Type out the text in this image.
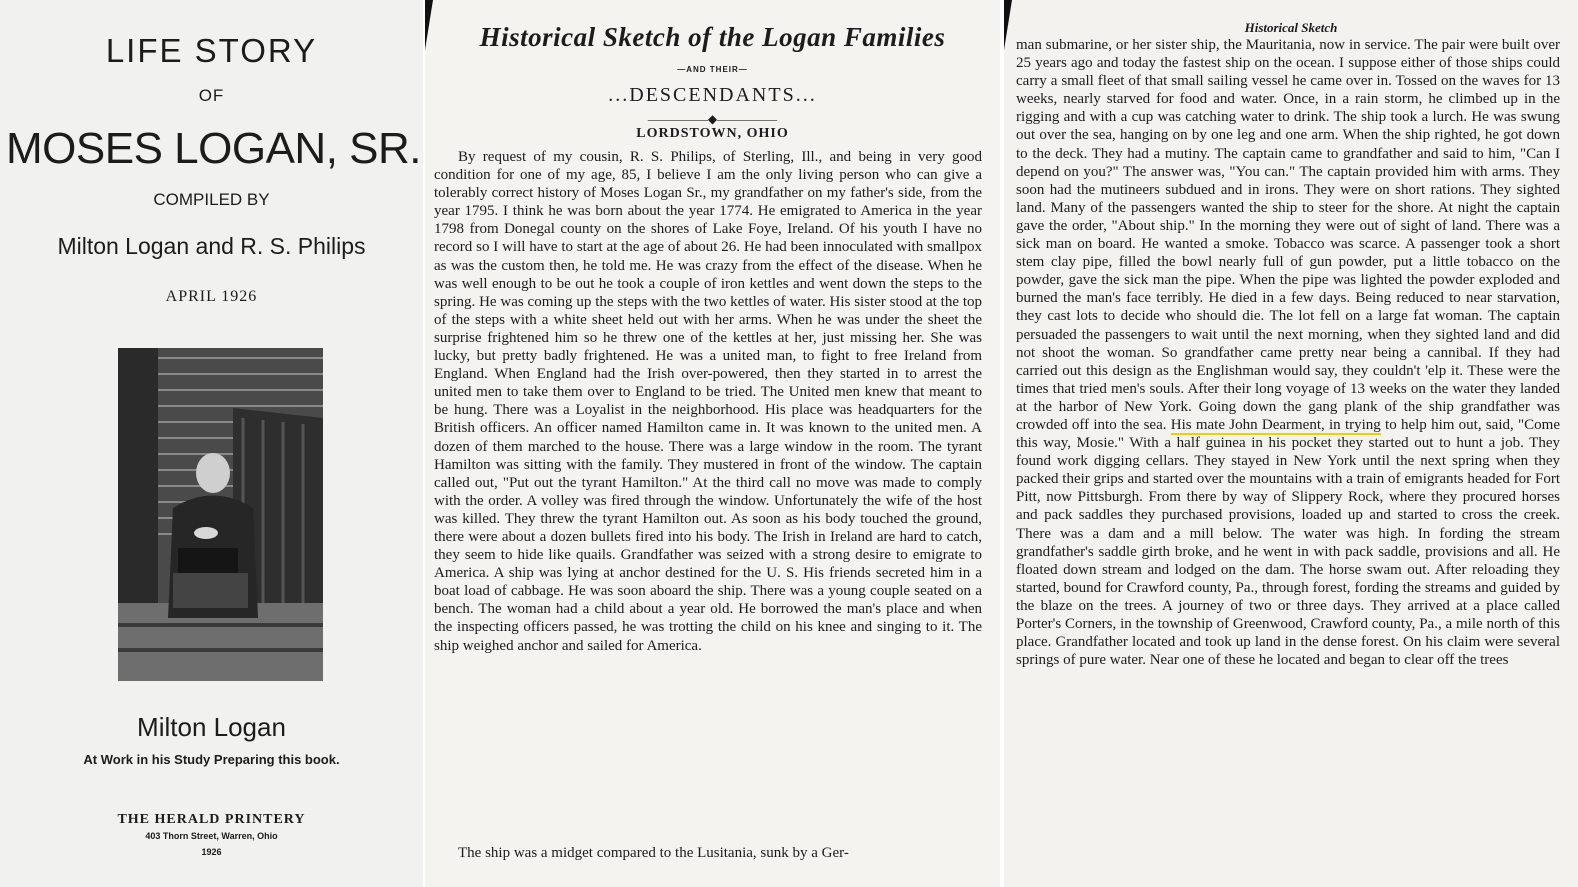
LIFE STORY
OF
MOSES LOGAN, SR.
COMPILED BY
Milton Logan and R. S. Philips
APRIL 1926
Milton Logan
At Work in his Study Preparing this book.
THE HERALD PRINTERY
403 Thorn Street, Warren, Ohio
1926
Historical Sketch of the Logan Families
—AND THEIR—
...DESCENDANTS...
—————◆—————
LORDSTOWN, OHIO

By request of my cousin, R. S. Philips, of Sterling, Ill., and being in very good condition for one of my age, 85, I believe I am the only living person who can give a tolerably correct history of Moses Logan Sr., my grandfather on my father's side, from the year 1795. I think he was born about the year 1774. He emigrated to America in the year 1798 from Donegal county on the shores of Lake Foye, Ireland. Of his youth I have no record so I will have to start at the age of about 26. He had been innoculated with smallpox as was the custom then, he told me. He was crazy from the effect of the disease. When he was well enough to be out he took a couple of iron kettles and went down the steps to the spring. He was coming up the steps with the two kettles of water. His sister stood at the top of the steps with a white sheet held out with her arms. When he was under the sheet the surprise frightened him so he threw one of the kettles at her, just missing her. She was lucky, but pretty badly frightened. He was a united man, to fight to free Ireland from England. When England had the Irish over-powered, then they started in to arrest the united men to take them over to England to be tried. The United men knew that meant to be hung. There was a Loyalist in the neighborhood. His place was headquarters for the British officers. An officer named Hamilton came in. It was known to the united men. A dozen of them marched to the house. There was a large window in the room. The tyrant Hamilton was sitting with the family. They mustered in front of the window. The captain called out, "Put out the tyrant Hamilton." At the third call no move was made to comply with the order. A volley was fired through the window. Unfortunately the wife of the host was killed. They threw the tyrant Hamilton out. As soon as his body touched the ground, there were about a dozen bullets fired into his body. The Irish in Ireland are hard to catch, they seem to hide like quails. Grandfather was seized with a strong desire to emigrate to America. A ship was lying at anchor destined for the U. S. His friends secreted him in a boat load of cabbage. He was soon aboard the ship. There was a young couple seated on a bench. The woman had a child about a year old. He borrowed the man's place and when the inspecting officers passed, he was trotting the child on his knee and singing to it. The ship weighed anchor and sailed for America.

The ship was a midget compared to the Lusitania, sunk by a Ger-
Historical Sketch

man submarine, or her sister ship, the Mauritania, now in service. The pair were built over 25 years ago and today the fastest ship on the ocean. I suppose either of those ships could carry a small fleet of that small sailing vessel he came over in. Tossed on the waves for 13 weeks, nearly starved for food and water. Once, in a rain storm, he climbed up in the rigging and with a cup was catching water to drink. The ship took a lurch. He was swung out over the sea, hanging on by one leg and one arm. When the ship righted, he got down to the deck. They had a mutiny. The captain came to grandfather and said to him, "Can I depend on you?" The answer was, "You can." The captain provided him with arms. They soon had the mutineers subdued and in irons. They were on short rations. They sighted land. Many of the passengers wanted the ship to steer for the shore. At night the captain gave the order, "About ship." In the morning they were out of sight of land. There was a sick man on board. He wanted a smoke. Tobacco was scarce. A passenger took a short stem clay pipe, filled the bowl nearly full of gun powder, put a little tobacco on the powder, gave the sick man the pipe. When the pipe was lighted the powder exploded and burned the man's face terribly. He died in a few days. Being reduced to near starvation, they cast lots to decide who should die. The lot fell on a large fat woman. The captain persuaded the passengers to wait until the next morning, when they sighted land and did not shoot the woman. So grandfather came pretty near being a cannibal. If they had carried out this design as the Englishman would say, they couldn't 'elp it. These were the times that tried men's souls. After their long voyage of 13 weeks on the water they landed at the harbor of New York. Going down the gang plank of the ship grandfather was crowded off into the sea. His mate John Dearment, in trying to help him out, said, "Come this way, Mosie." With a half guinea in his pocket they started out to hunt a job. They found work digging cellars. They stayed in New York until the next spring when they packed their grips and started over the mountains with a train of emigrants headed for Fort Pitt, now Pittsburgh. From there by way of Slippery Rock, where they procured horses and pack saddles they purchased provisions, loaded up and started to cross the creek. There was a dam and a mill below. The water was high. In fording the stream grandfather's saddle girth broke, and he went in with pack saddle, provisions and all. He floated down stream and lodged on the dam. The horse swam out. After reloading they started, bound for Crawford county, Pa., through forest, fording the streams and guided by the blaze on the trees. A journey of two or three days. They arrived at a place called Porter's Corners, in the township of Greenwood, Crawford county, Pa., a mile north of this place. Grandfather located and took up land in the dense forest. On his claim were several springs of pure water. Near one of these he located and began to clear off the trees
